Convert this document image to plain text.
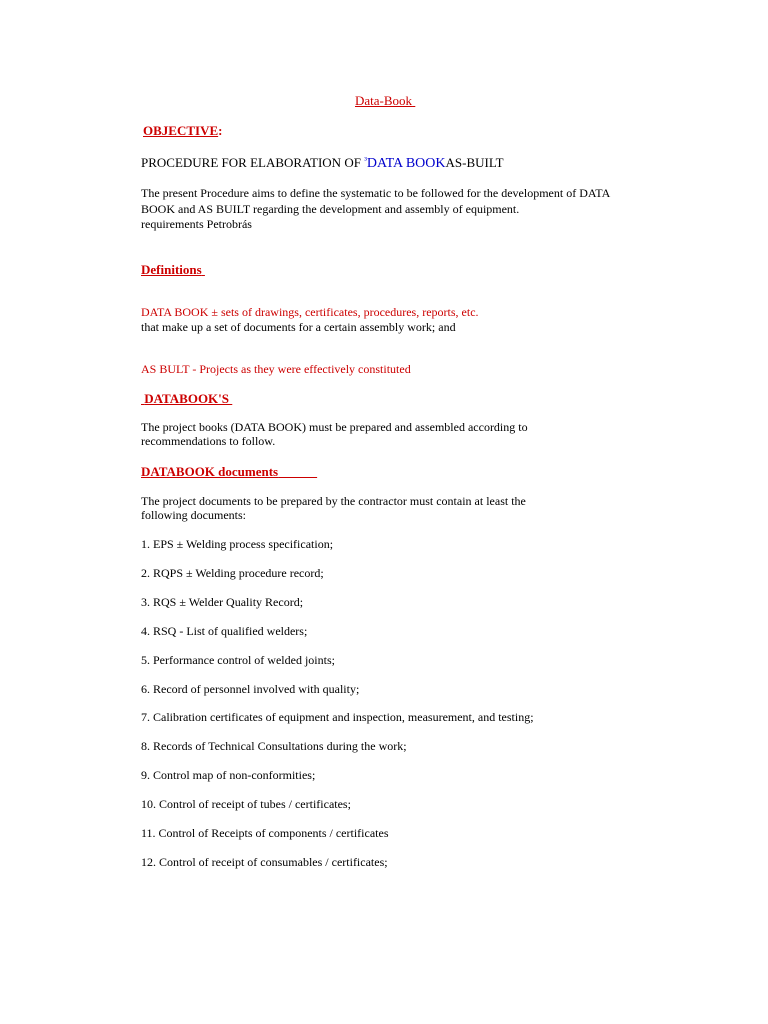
Data-Book
OBJECTIVE:
PROCEDURE FOR ELABORATION OF $^{^3}$DATA BOOKAS-BUILT
The present Procedure aims to define the systematic to be followed for the development of DATA
BOOK and AS BUILT regarding the development and assembly of equipment.
requirements Petrobrás
Definitions
DATA BOOK ± sets of drawings, certificates, procedures, reports, etc.
that make up a set of documents for a certain assembly work; and
AS BULT - Projects as they were effectively constituted
DATABOOK'S
The project books (DATA BOOK) must be prepared and assembled according to
recommendations to follow.
DATABOOK documents
The project documents to be prepared by the contractor must contain at least the
following documents:
1. EPS ± Welding process specification;
2. RQPS ± Welding procedure record;
3. RQS ± Welder Quality Record;
4. RSQ - List of qualified welders;
5. Performance control of welded joints;
6. Record of personnel involved with quality;
7. Calibration certificates of equipment and inspection, measurement, and testing;
8. Records of Technical Consultations during the work;
9. Control map of non-conformities;
10. Control of receipt of tubes / certificates;
11. Control of Receipts of components / certificates
12. Control of receipt of consumables / certificates;
